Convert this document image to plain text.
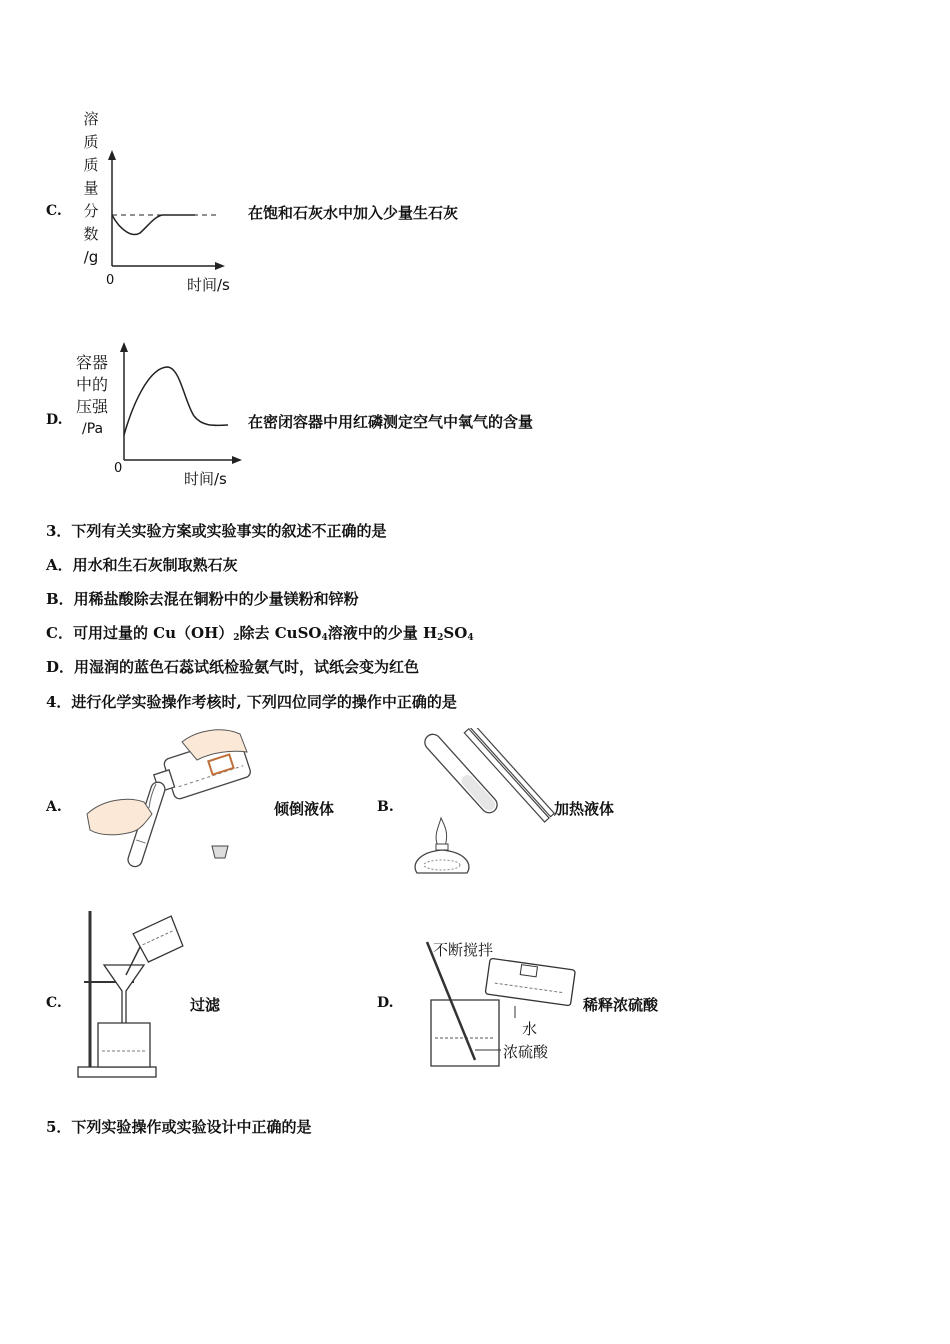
C.
溶
质
质
量
分
数
/g
0	时间/s
在饱和石灰水中加入少量生石灰
D.
容器
中的
压强
/Pa
0
时间/s
在密闭容器中用红磷测定空气中氧气的含量
3．下列有关实验方案或实验事实的叙述不正确的是
A．用水和生石灰制取熟石灰
B．用稀盐酸除去混在铜粉中的少量镁粉和锌粉
C．可用过量的 $Cu(OH)_2$除去 CuSO$_4$溶液中的少量 $H_2SO_4$
D．用湿润的蓝色石蕊试纸检验氨气时，试纸会变为红色
4．进行化学实验操作考核时, 下列四位同学的操作中正确的是
A.	倾倒液体	B.	加热液体
C.	过滤	D.
不断搅拌
水
浓硫酸
稀释浓硫酸
5．下列实验操作或实验设计中正确的是
